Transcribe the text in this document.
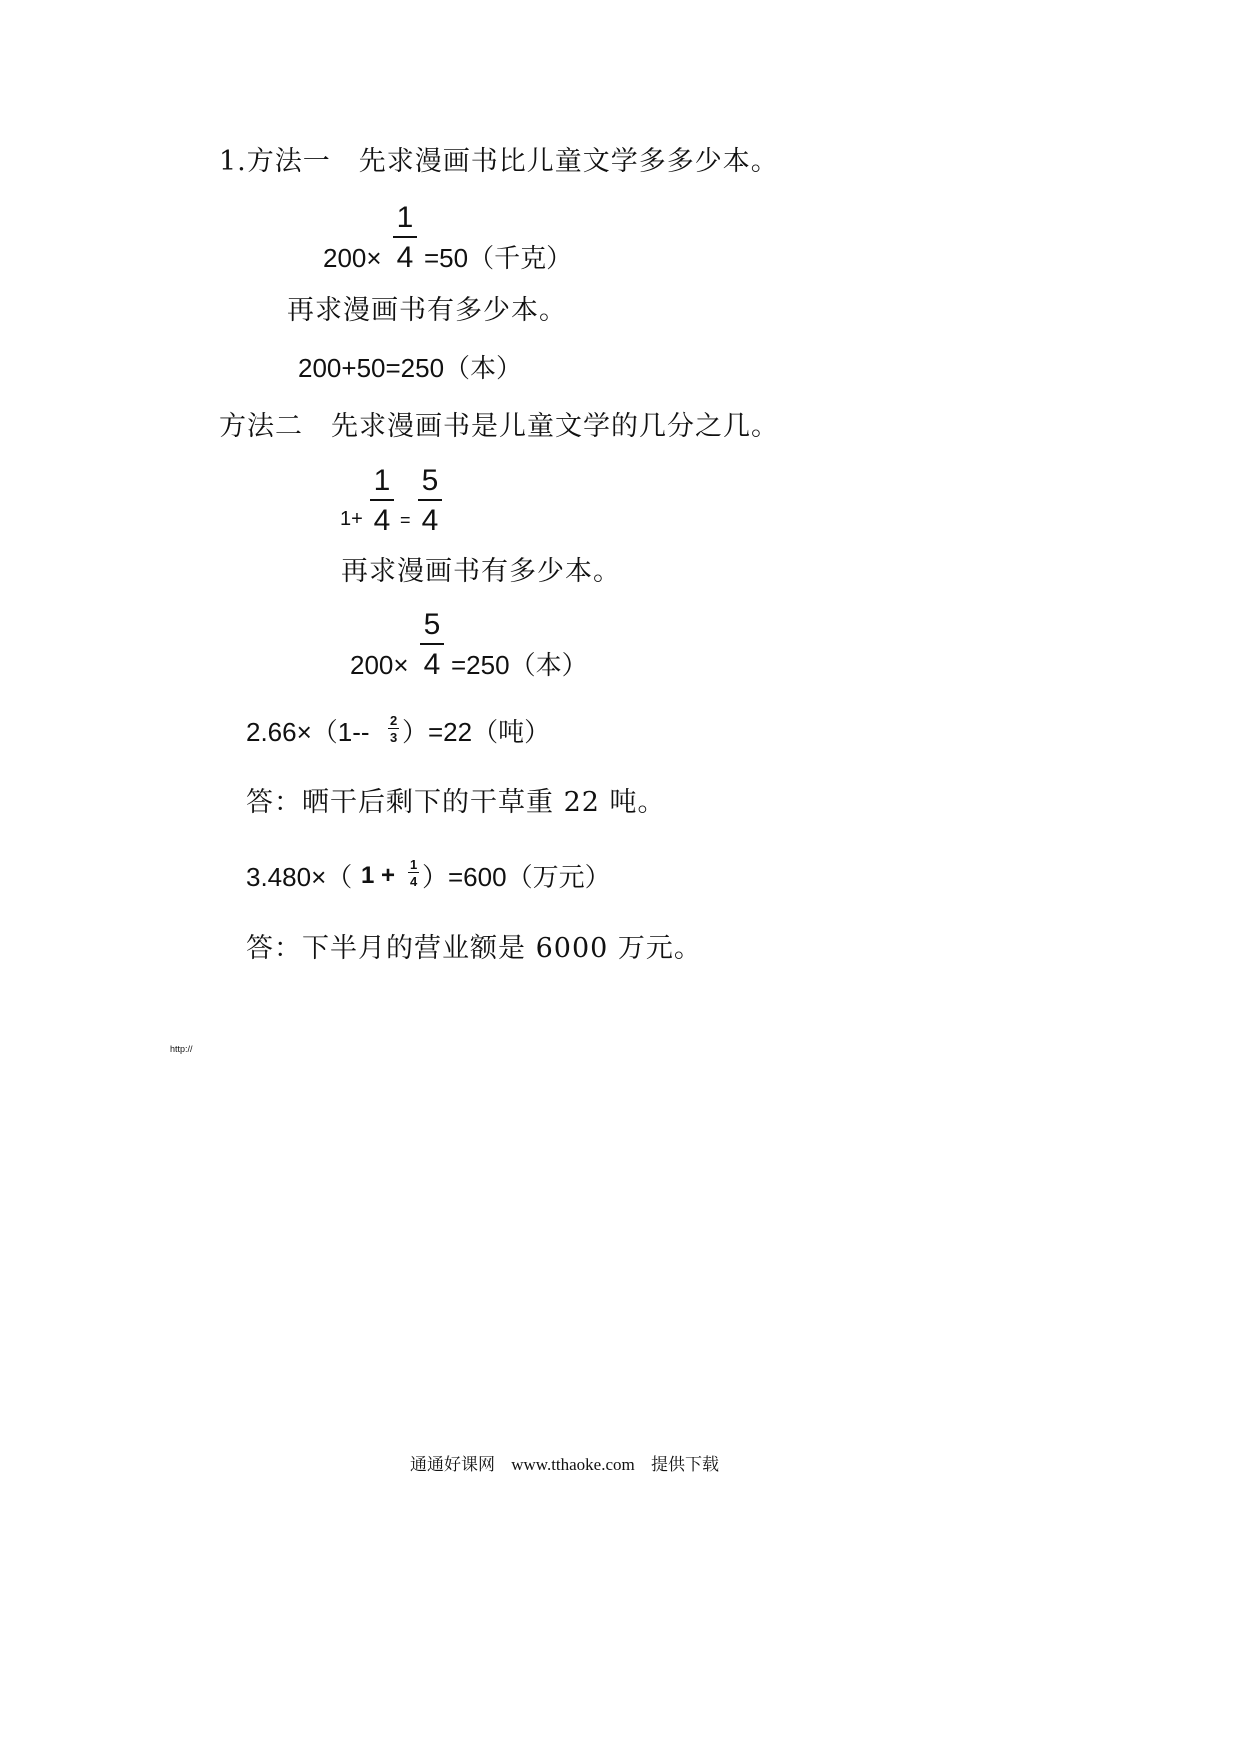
1.方法一　先求漫画书比儿童文学多多少本。
200×
1
4 =50（千克）
再求漫画书有多少本。
200+50=250（本）
方法二　先求漫画书是儿童文学的几分之几。
1+
1
4 =
5
4
再求漫画书有多少本。
200×
5
4 =250（本）
2.66×（1-- 2
3 ）=22（吨）
答：晒干后剩下的干草重 22 吨。
3.480×（ 1 + 1
4 ）=600（万元）
答：下半月的营业额是 6000 万元。
http://
通通好课网 www.tthaoke.com 提供下载
